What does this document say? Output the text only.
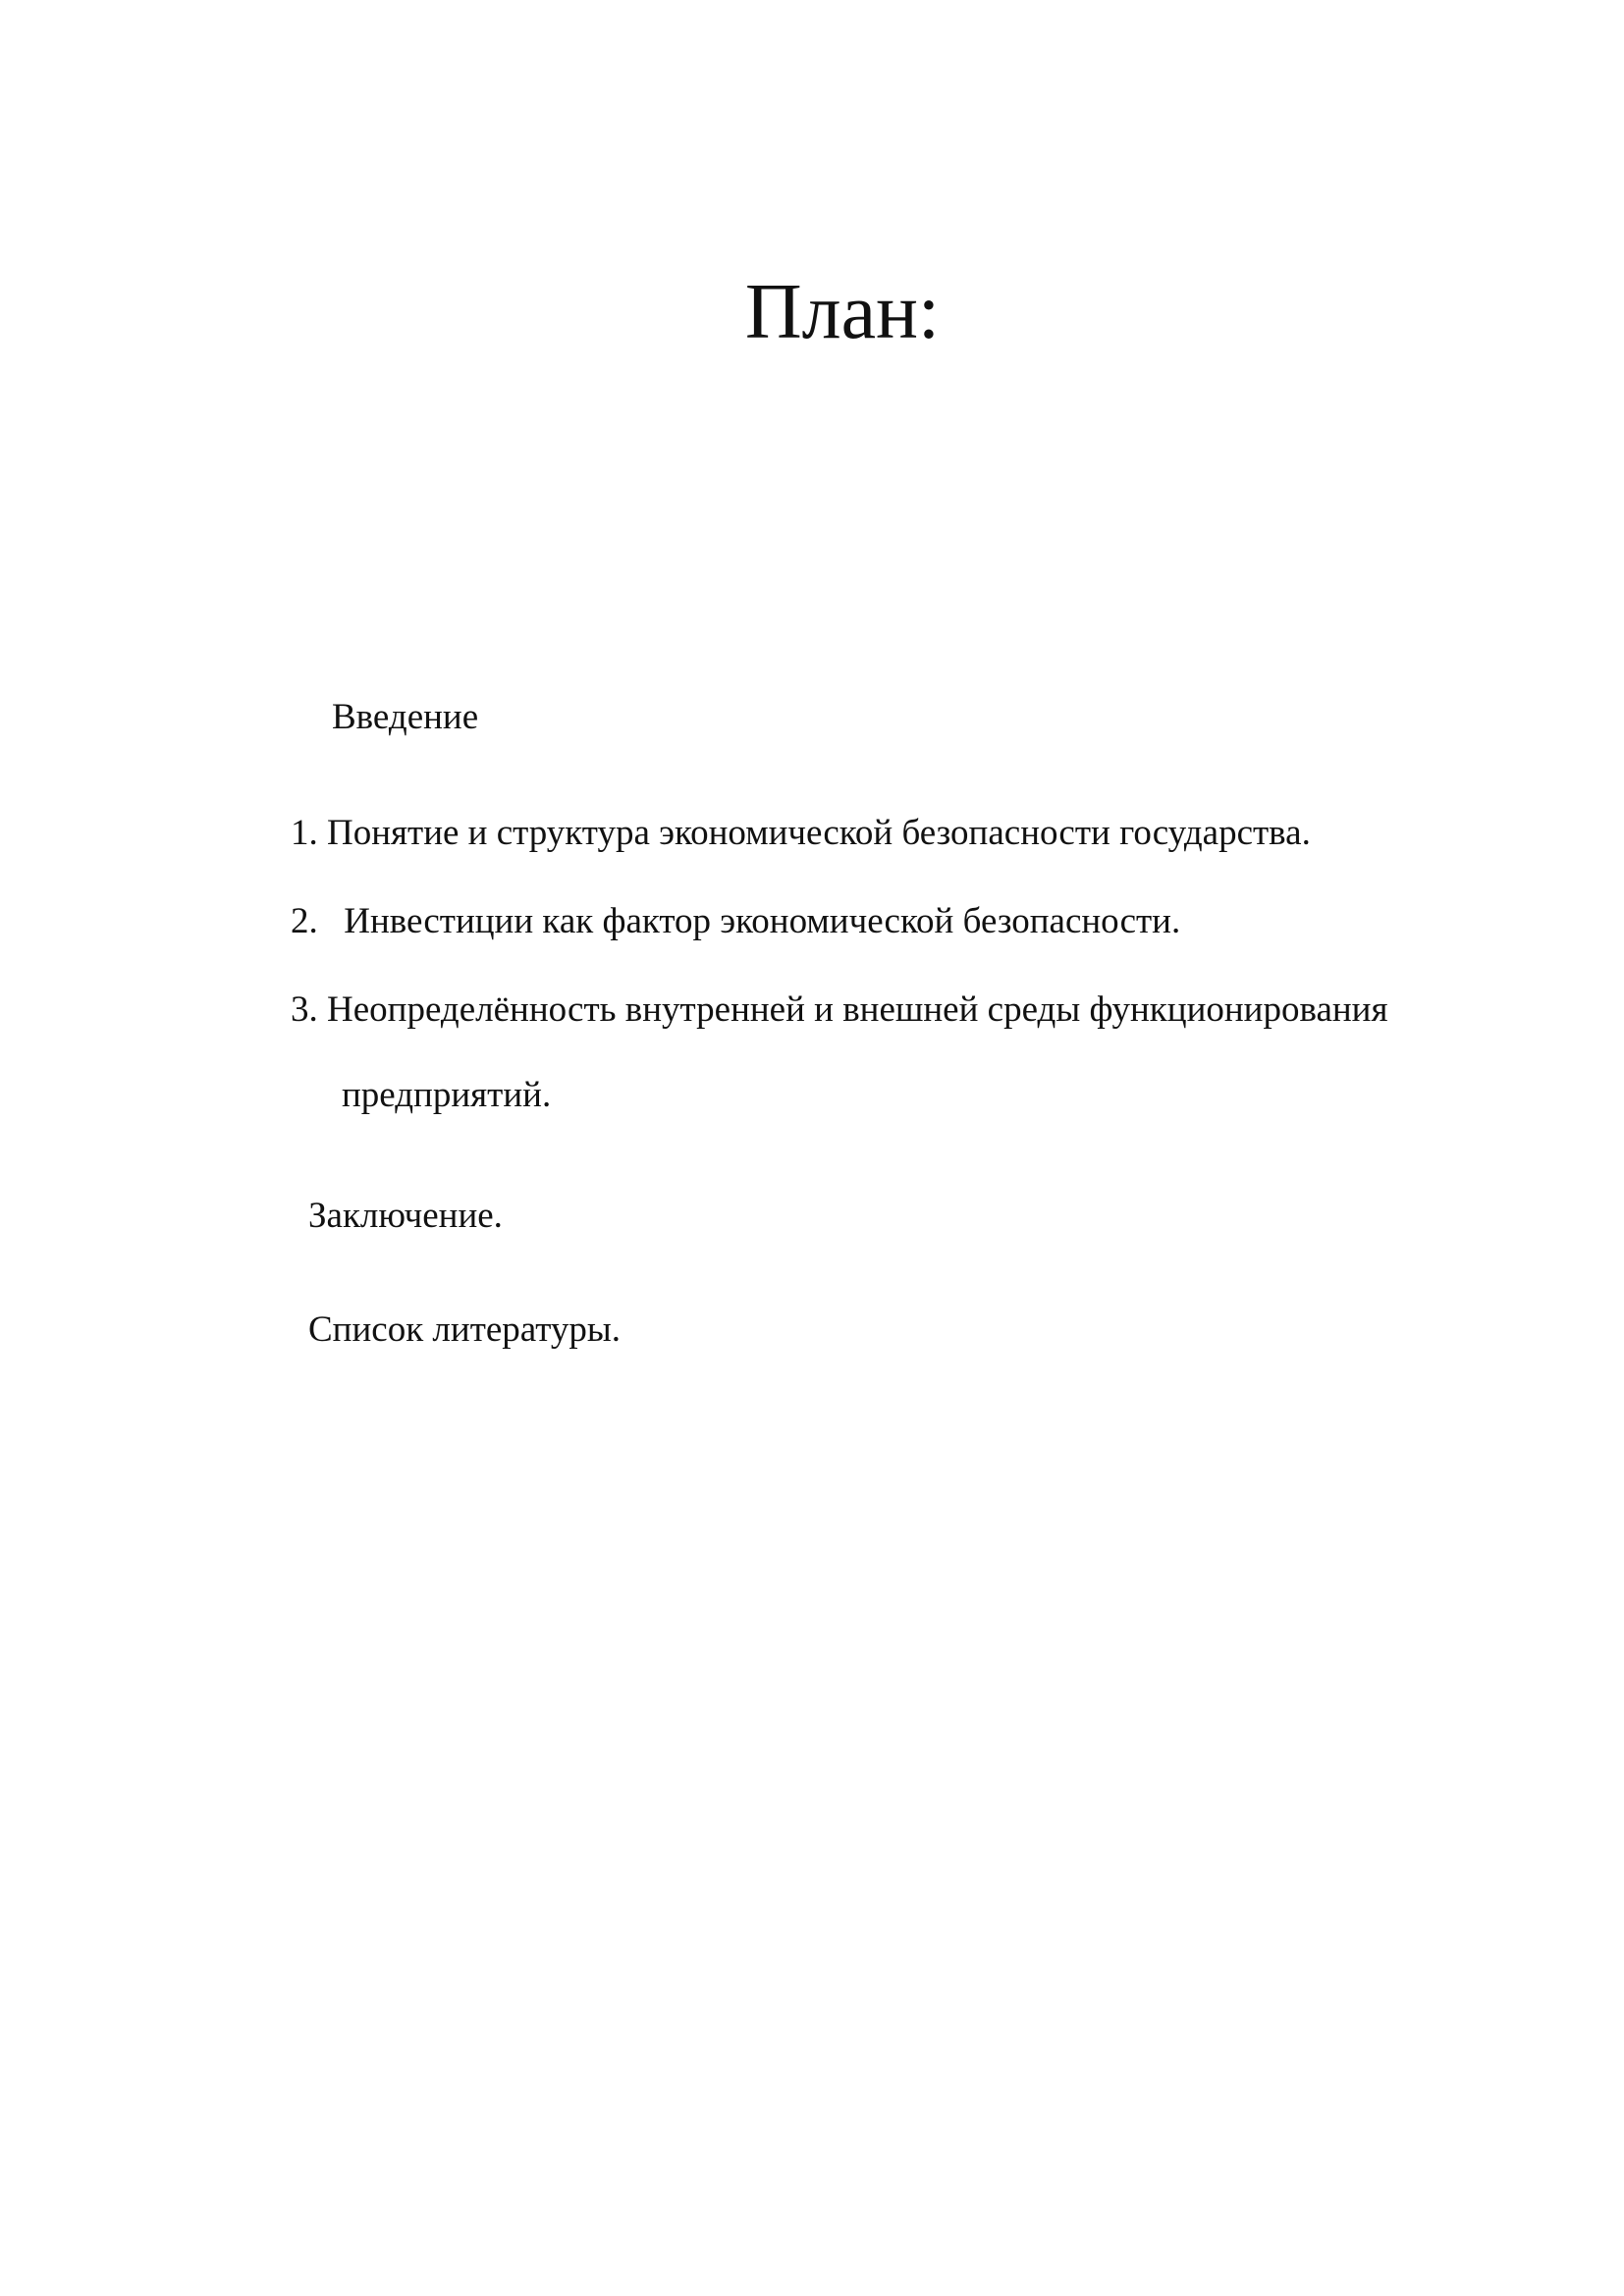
План:
Введение
1. Понятие и структура экономической безопасности государства.
2. Инвестиции как фактор экономической безопасности.
3. Неопределённость внутренней и внешней среды функционирования
предприятий.
Заключение.
Список литературы.
